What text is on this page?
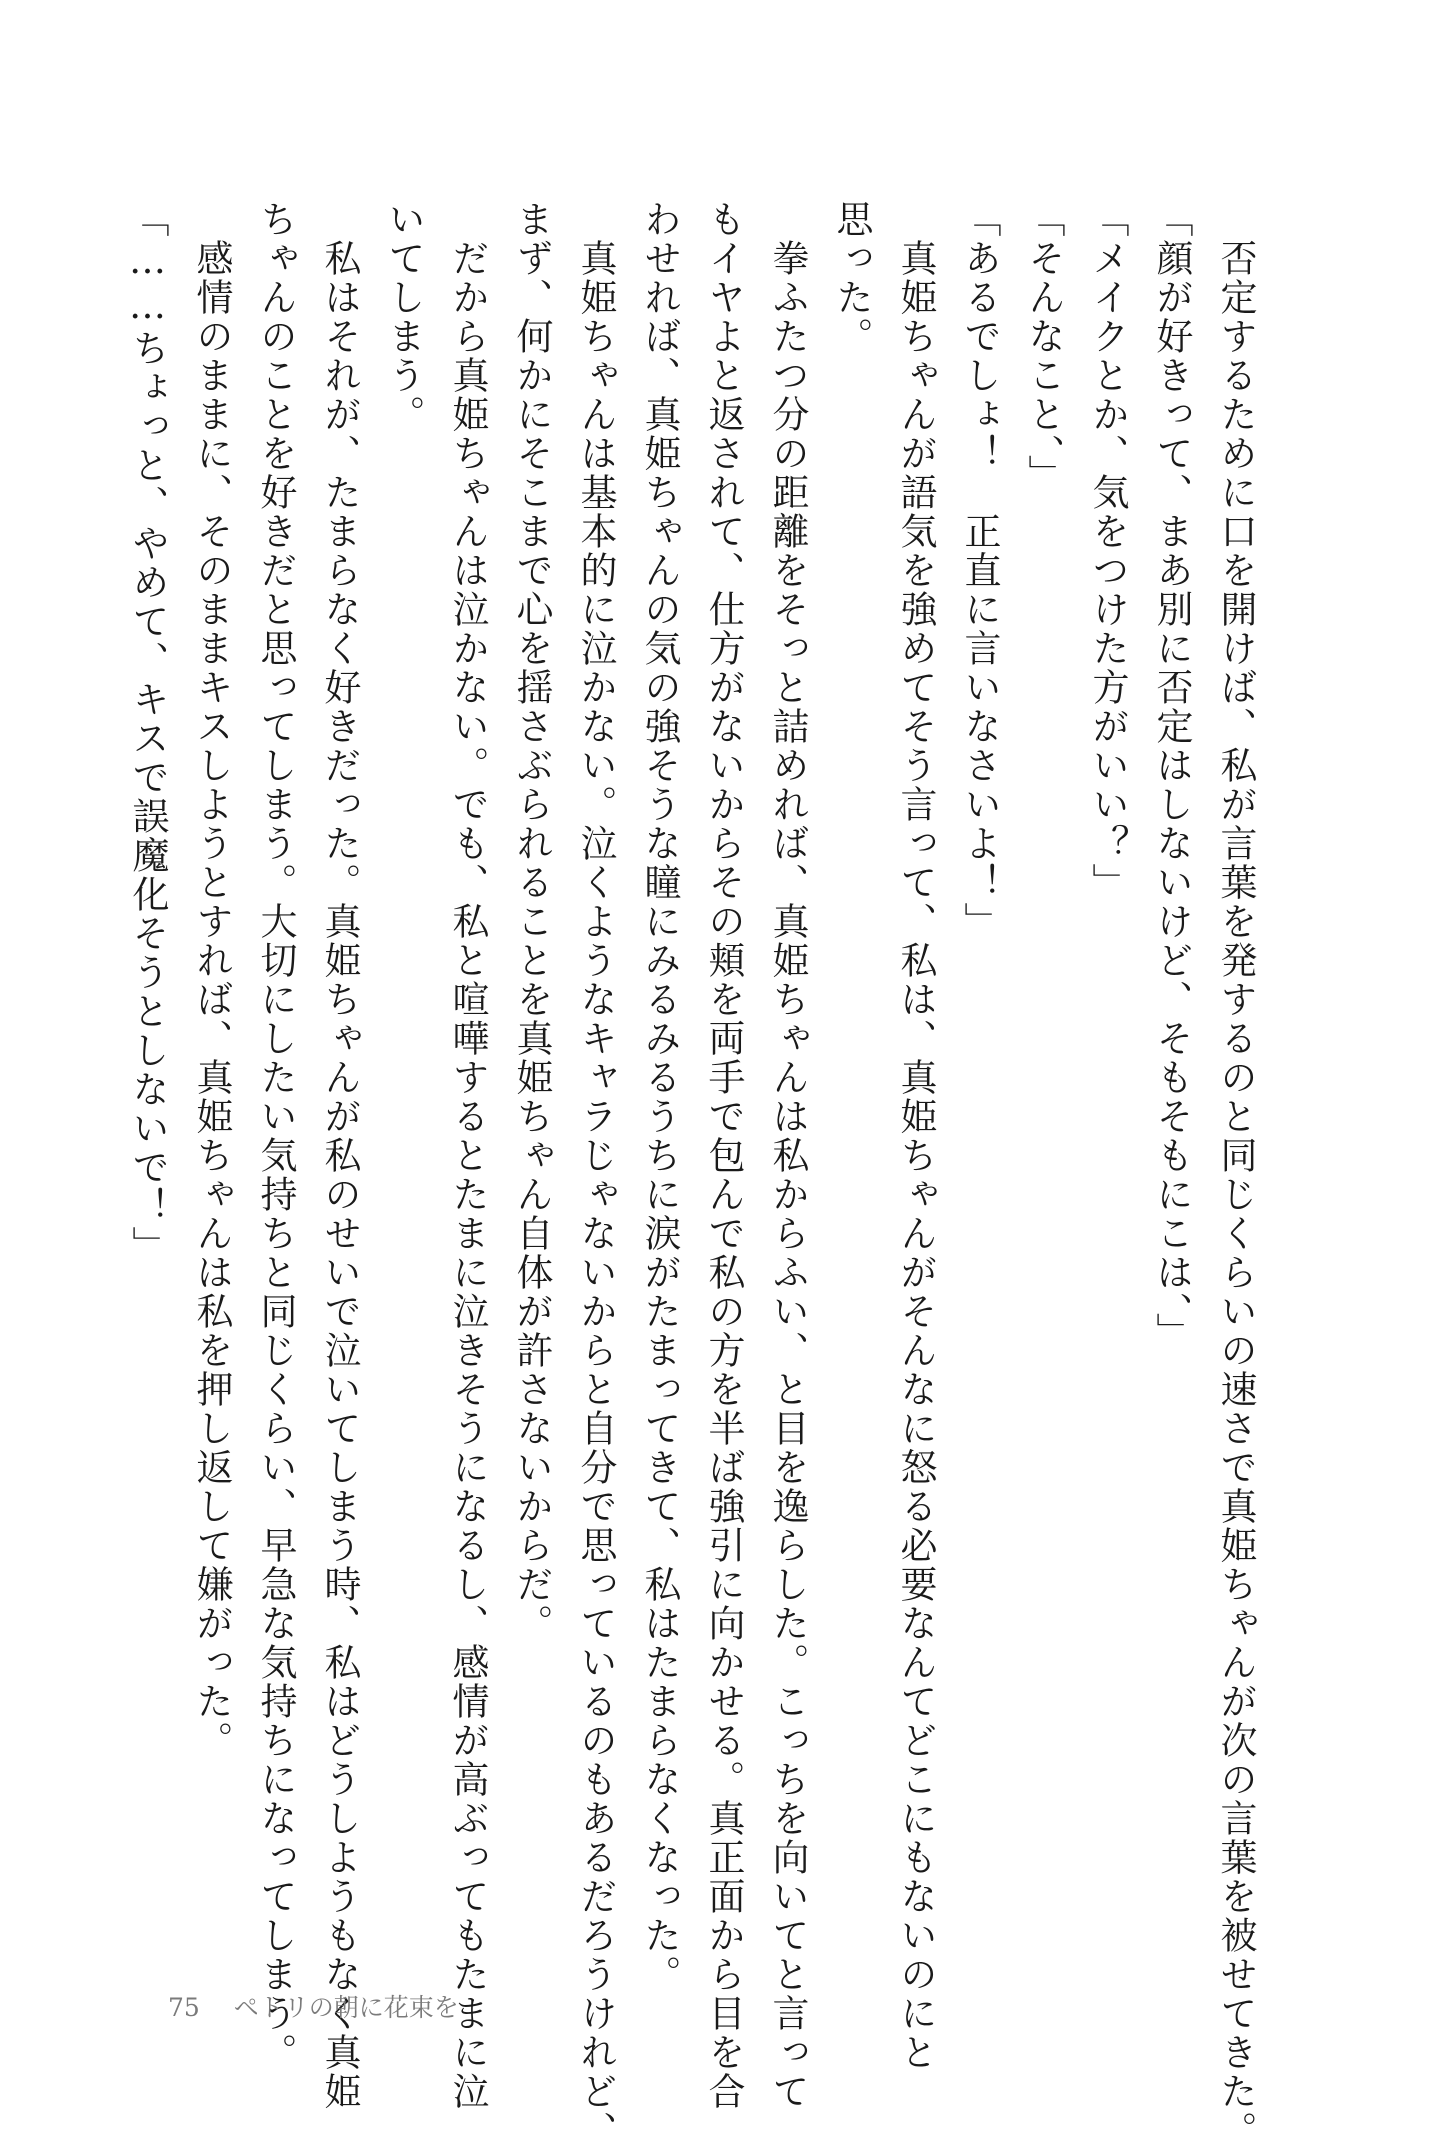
　否定するために口を開けば、私が言葉を発するのと同じくらいの速さで真姫ちゃんが次の言葉を被せてきた。
「顔が好きって、まあ別に否定はしないけど、そもそもにこは、」
「メイクとか、気をつけた方がいい？」
「そんなこと、」
「あるでしょ！　正直に言いなさいよ！」
　真姫ちゃんが語気を強めてそう言って、私は、真姫ちゃんがそんなに怒る必要なんてどこにもないのにと
思った。
　拳ふたつ分の距離をそっと詰めれば、真姫ちゃんは私からふい、と目を逸らした。こっちを向いてと言って
もイヤよと返されて、仕方がないからその頬を両手で包んで私の方を半ば強引に向かせる。真正面から目を合
わせれば、真姫ちゃんの気の強そうな瞳にみるみるうちに涙がたまってきて、私はたまらなくなった。
　真姫ちゃんは基本的に泣かない。泣くようなキャラじゃないからと自分で思っているのもあるだろうけれど、
まず、何かにそこまで心を揺さぶられることを真姫ちゃん自体が許さないからだ。
　だから真姫ちゃんは泣かない。でも、私と喧嘩するとたまに泣きそうになるし、感情が高ぶってもたまに泣
いてしまう。
　私はそれが、たまらなく好きだった。真姫ちゃんが私のせいで泣いてしまう時、私はどうしようもなく真姫
ちゃんのことを好きだと思ってしまう。大切にしたい気持ちと同じくらい、早急な気持ちになってしまう。
　感情のままに、そのままキスしようとすれば、真姫ちゃんは私を押し返して嫌がった。
「……ちょっと、やめて、キスで誤魔化そうとしないで！」
75 ペトリの朝に花束を
